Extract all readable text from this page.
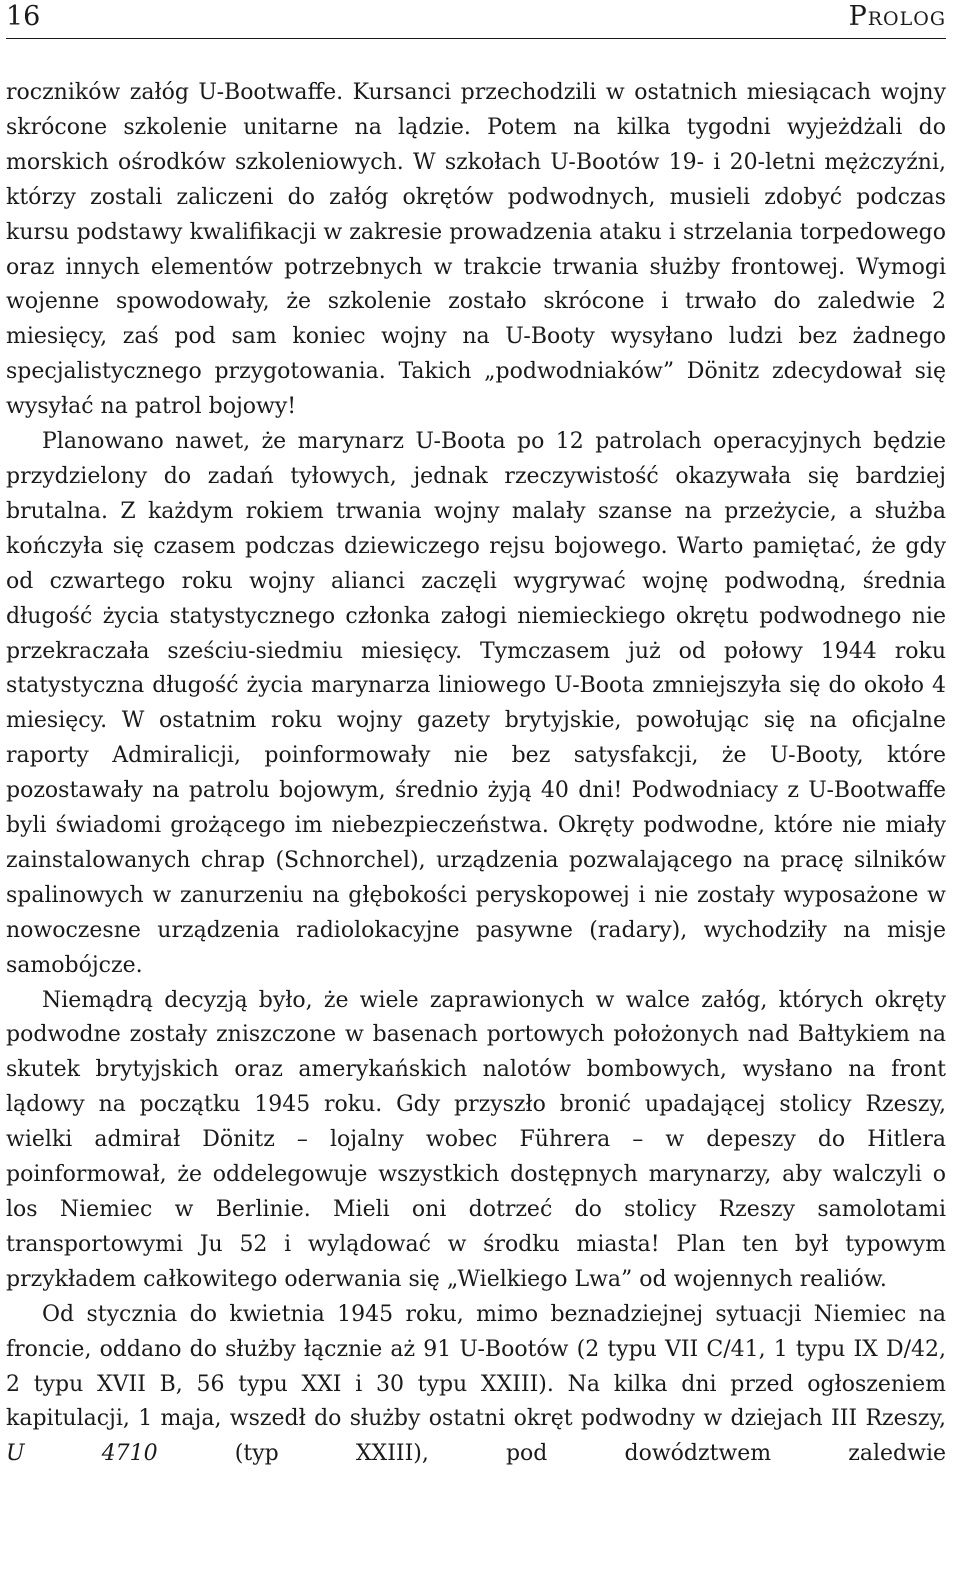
16	Prolog

roczników załóg U-Bootwaffe. Kursanci przechodzili w ostatnich miesiącach wojny skrócone szkolenie unitarne na lądzie. Potem na kilka tygodni wyjeżdżali do morskich ośrodków szkoleniowych. W szkołach U-Bootów 19- i 20-letni mężczyźni, którzy zostali zaliczeni do załóg okrętów podwodnych, musieli zdobyć podczas kursu podstawy kwalifikacji w zakresie prowadzenia ataku i strzelania torpedowego oraz innych elementów potrzebnych w trakcie trwania służby frontowej. Wymogi wojenne spowodowały, że szkolenie zostało skrócone i trwało do zaledwie 2 miesięcy, zaś pod sam koniec wojny na U-Booty wysyłano ludzi bez żadnego specjalistycznego przygotowania. Takich „podwodniaków” Dönitz zdecydował się wysyłać na patrol bojowy!

Planowano nawet, że marynarz U-Boota po 12 patrolach operacyjnych będzie przydzielony do zadań tyłowych, jednak rzeczywistość okazywała się bardziej brutalna. Z każdym rokiem trwania wojny malały szanse na przeżycie, a służba kończyła się czasem podczas dziewiczego rejsu bojowego. Warto pamiętać, że gdy od czwartego roku wojny alianci zaczęli wygrywać wojnę podwodną, średnia długość życia statystycznego członka załogi niemieckiego okrętu podwodnego nie przekraczała sześciu-siedmiu miesięcy. Tymczasem już od połowy 1944 roku statystyczna długość życia marynarza liniowego U-Boota zmniejszyła się do około 4 miesięcy. W ostatnim roku wojny gazety brytyjskie, powołując się na oficjalne raporty Admiralicji, poinformowały nie bez satysfakcji, że U-Booty, które pozostawały na patrolu bojowym, średnio żyją 40 dni! Podwodniacy z U-Bootwaffe byli świadomi grożącego im niebezpieczeństwa. Okręty podwodne, które nie miały zainstalowanych chrap (Schnorchel), urządzenia pozwalającego na pracę silników spalinowych w zanurzeniu na głębokości peryskopowej i nie zostały wyposażone w nowoczesne urządzenia radiolokacyjne pasywne (radary), wychodziły na misje samobójcze.

Niemądrą decyzją było, że wiele zaprawionych w walce załóg, których okręty podwodne zostały zniszczone w basenach portowych położonych nad Bałtykiem na skutek brytyjskich oraz amerykańskich nalotów bombowych, wysłano na front lądowy na początku 1945 roku. Gdy przyszło bronić upadającej stolicy Rzeszy, wielki admirał Dönitz – lojalny wobec Führera – w depeszy do Hitlera poinformował, że oddelegowuje wszystkich dostępnych marynarzy, aby walczyli o los Niemiec w Berlinie. Mieli oni dotrzeć do stolicy Rzeszy samolotami transportowymi Ju 52 i wylądować w środku miasta! Plan ten był typowym przykładem całkowitego oderwania się „Wielkiego Lwa” od wojennych realiów.

Od stycznia do kwietnia 1945 roku, mimo beznadziejnej sytuacji Niemiec na froncie, oddano do służby łącznie aż 91 U-Bootów (2 typu VII C/41, 1 typu IX D/42, 2 typu XVII B, 56 typu XXI i 30 typu XXIII). Na kilka dni przed ogłoszeniem kapitulacji, 1 maja, wszedł do służby ostatni okręt podwodny w dziejach III Rzeszy, U 4710 (typ XXIII), pod dowództwem zaledwie
